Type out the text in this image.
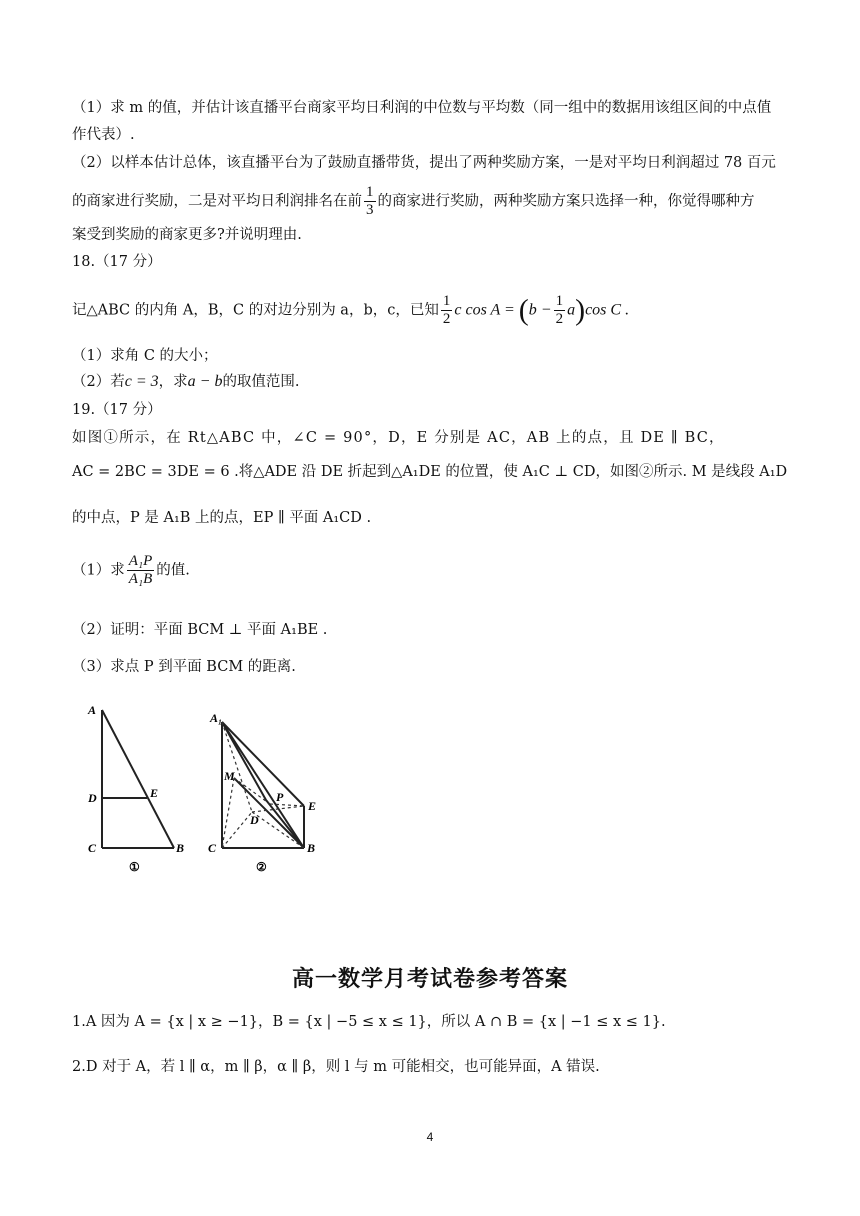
（1）求 m 的值，并估计该直播平台商家平均日利润的中位数与平均数（同一组中的数据用该组区间的中点值
作代表）.
（2）以样本估计总体，该直播平台为了鼓励直播带货，提出了两种奖励方案，一是对平均日利润超过 78 百元
的商家进行奖励，二是对平均日利润排名在前 $\frac{1}{3}$ 的商家进行奖励，两种奖励方案只选择一种，你觉得哪种方
案受到奖励的商家更多?并说明理由.
18.（17 分）
记△ABC 的内角 A，B，C 的对边分别为 a，b，c，已知 $\frac{1}{2}$ c $\cos A = (b - \frac{1}{2} a)\cos$ C .
（1）求角 C 的大小；
（2）若c = 3，求a − b的取值范围.
19.（17 分）
如图①所示，在 Rt△ABC 中，∠C = 90°，D，E 分别是 AC，AB 上的点，且 DE ∥ BC，
AC = 2BC = 3DE = 6 .将△ADE 沿 DE 折起到△A₁DE 的位置，使 A₁C ⊥ CD，如图②所示. M 是线段 A₁D
的中点，P 是 A₁B 上的点，EP ∥ 平面 A₁CD .
（1）求 $\frac{\text{A₁P}}{\text{A₁B}}$ 的值.
（2）证明：平面 BCM ⊥ 平面 A₁BE .
（3）求点 P 到平面 BCM 的距离.
A
D	E
C	B
①
A₁
M
P
E
D
C	B
②
高一数学月考试卷参考答案
1.A 因为 A = {x | x ≥ −1}，B = {x | −5 ≤ x ≤ 1}，所以 A ∩ B = {x | −1 ≤ x ≤ 1}.
2.D 对于 A，若 l ∥ α，m ∥ β，α ∥ β，则 l 与 m 可能相交，也可能异面，A 错误.
4
